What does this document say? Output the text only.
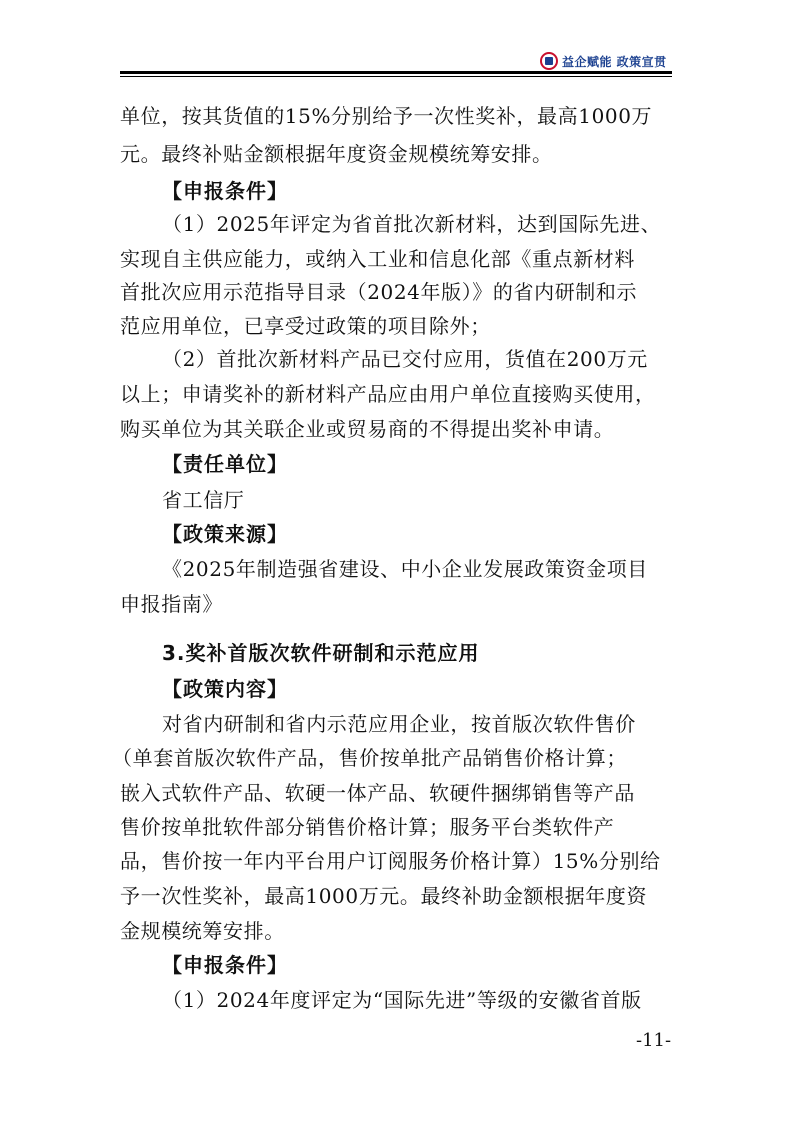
益企赋能 政策宣贯
单位，按其货值的15%分别给予一次性奖补，最高1000万
元。最终补贴金额根据年度资金规模统筹安排。
【申报条件】
（1）2025年评定为省首批次新材料，达到国际先进、
实现自主供应能力，或纳入工业和信息化部《重点新材料
首批次应用示范指导目录（2024年版）》的省内研制和示
范应用单位，已享受过政策的项目除外；
（2）首批次新材料产品已交付应用，货值在200万元
以上；申请奖补的新材料产品应由用户单位直接购买使用，
购买单位为其关联企业或贸易商的不得提出奖补申请。
【责任单位】
省工信厅
【政策来源】
《2025年制造强省建设、中小企业发展政策资金项目
申报指南》
3.奖补首版次软件研制和示范应用
【政策内容】
对省内研制和省内示范应用企业，按首版次软件售价
（单套首版次软件产品，售价按单批产品销售价格计算；
嵌入式软件产品、软硬一体产品、软硬件捆绑销售等产品
售价按单批软件部分销售价格计算；服务平台类软件产
品，售价按一年内平台用户订阅服务价格计算）15%分别给
予一次性奖补，最高1000万元。最终补助金额根据年度资
金规模统筹安排。
【申报条件】
（1）2024年度评定为“国际先进”等级的安徽省首版
-11-
